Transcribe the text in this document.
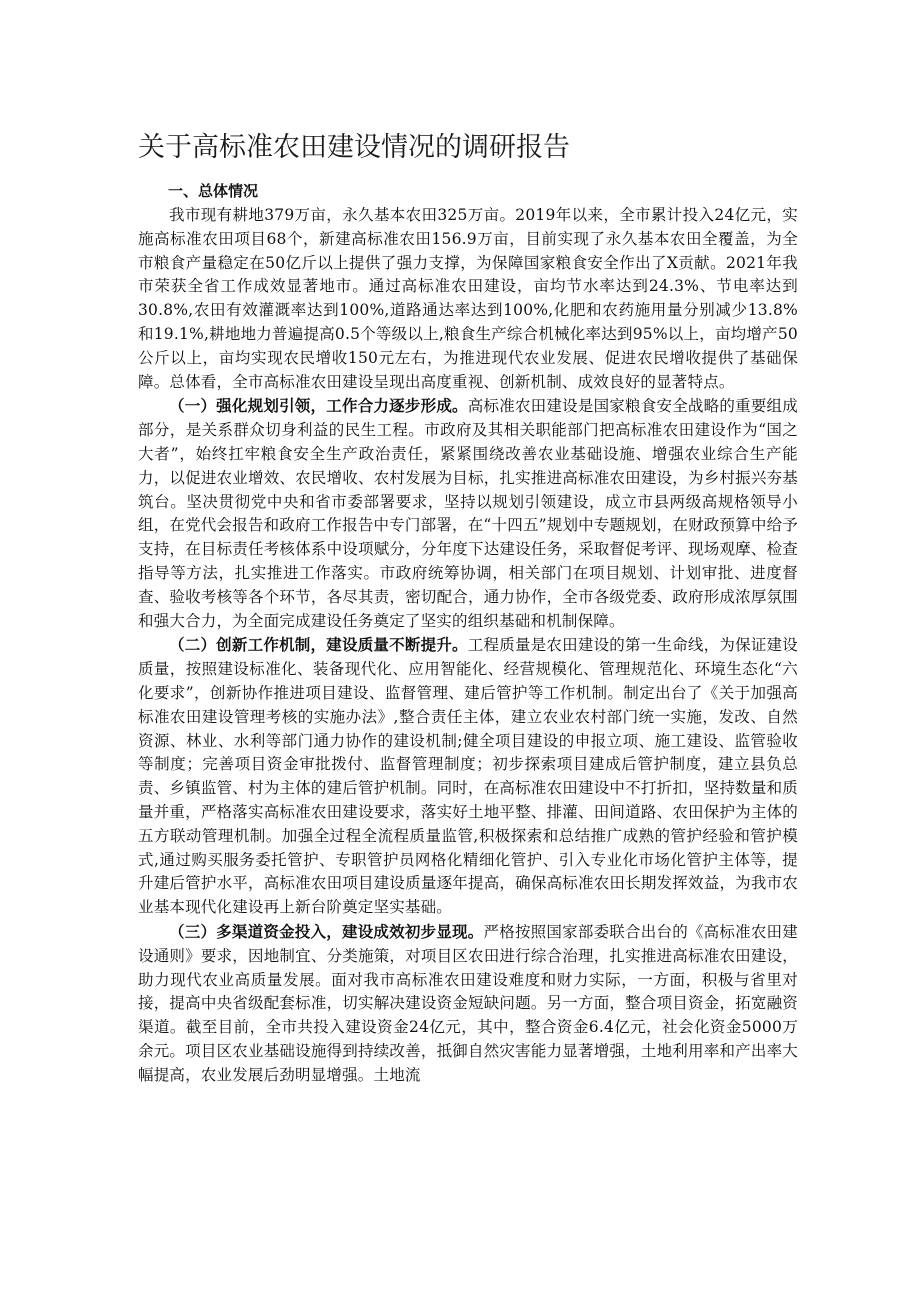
关于高标准农田建设情况的调研报告

一、总体情况

我市现有耕地379万亩，永久基本农田325万亩。2019年以来，全市累计投入24亿元，实施高标准农田项目68个，新建高标准农田156.9万亩，目前实现了永久基本农田全覆盖，为全市粮食产量稳定在50亿斤以上提供了强力支撑，为保障国家粮食安全作出了X贡献。2021年我市荣获全省工作成效显著地市。通过高标准农田建设，亩均节水率达到24.3%、节电率达到30.8%,农田有效灌溉率达到100%,道路通达率达到100%,化肥和农药施用量分别减少13.8%和19.1%,耕地地力普遍提高0.5个等级以上,粮食生产综合机械化率达到95%以上，亩均增产50公斤以上，亩均实现农民增收150元左右，为推进现代农业发展、促进农民增收提供了基础保障。总体看，全市高标准农田建设呈现出高度重视、创新机制、成效良好的显著特点。

（一）强化规划引领，工作合力逐步形成。高标准农田建设是国家粮食安全战略的重要组成部分，是关系群众切身利益的民生工程。市政府及其相关职能部门把高标准农田建设作为“国之大者”，始终扛牢粮食安全生产政治责任，紧紧围绕改善农业基础设施、增强农业综合生产能力，以促进农业增效、农民增收、农村发展为目标，扎实推进高标准农田建设，为乡村振兴夯基筑台。坚决贯彻党中央和省市委部署要求，坚持以规划引领建设，成立市县两级高规格领导小组，在党代会报告和政府工作报告中专门部署，在“十四五”规划中专题规划，在财政预算中给予支持，在目标责任考核体系中设项赋分，分年度下达建设任务，采取督促考评、现场观摩、检查指导等方法，扎实推进工作落实。市政府统筹协调，相关部门在项目规划、计划审批、进度督查、验收考核等各个环节，各尽其责，密切配合，通力协作，全市各级党委、政府形成浓厚氛围和强大合力，为全面完成建设任务奠定了坚实的组织基础和机制保障。

（二）创新工作机制，建设质量不断提升。工程质量是农田建设的第一生命线，为保证建设质量，按照建设标准化、装备现代化、应用智能化、经营规模化、管理规范化、环境生态化“六化要求”，创新协作推进项目建设、监督管理、建后管护等工作机制。制定出台了《关于加强高标准农田建设管理考核的实施办法》,整合责任主体，建立农业农村部门统一实施，发改、自然资源、林业、水利等部门通力协作的建设机制;健全项目建设的申报立项、施工建设、监管验收等制度；完善项目资金审批拨付、监督管理制度；初步探索项目建成后管护制度，建立县负总责、乡镇监管、村为主体的建后管护机制。同时，在高标准农田建设中不打折扣，坚持数量和质量并重，严格落实高标准农田建设要求，落实好土地平整、排灌、田间道路、农田保护为主体的五方联动管理机制。加强全过程全流程质量监管,积极探索和总结推广成熟的管护经验和管护模式,通过购买服务委托管护、专职管护员网格化精细化管护、引入专业化市场化管护主体等，提升建后管护水平，高标准农田项目建设质量逐年提高，确保高标准农田长期发挥效益，为我市农业基本现代化建设再上新台阶奠定坚实基础。

（三）多渠道资金投入，建设成效初步显现。严格按照国家部委联合出台的《高标准农田建设通则》要求，因地制宜、分类施策，对项目区农田进行综合治理，扎实推进高标准农田建设，助力现代农业高质量发展。面对我市高标准农田建设难度和财力实际，一方面，积极与省里对接，提高中央省级配套标准，切实解决建设资金短缺问题。另一方面，整合项目资金，拓宽融资渠道。截至目前，全市共投入建设资金24亿元，其中，整合资金6.4亿元，社会化资金5000万余元。项目区农业基础设施得到持续改善，抵御自然灾害能力显著增强，土地利用率和产出率大幅提高，农业发展后劲明显增强。土地流
